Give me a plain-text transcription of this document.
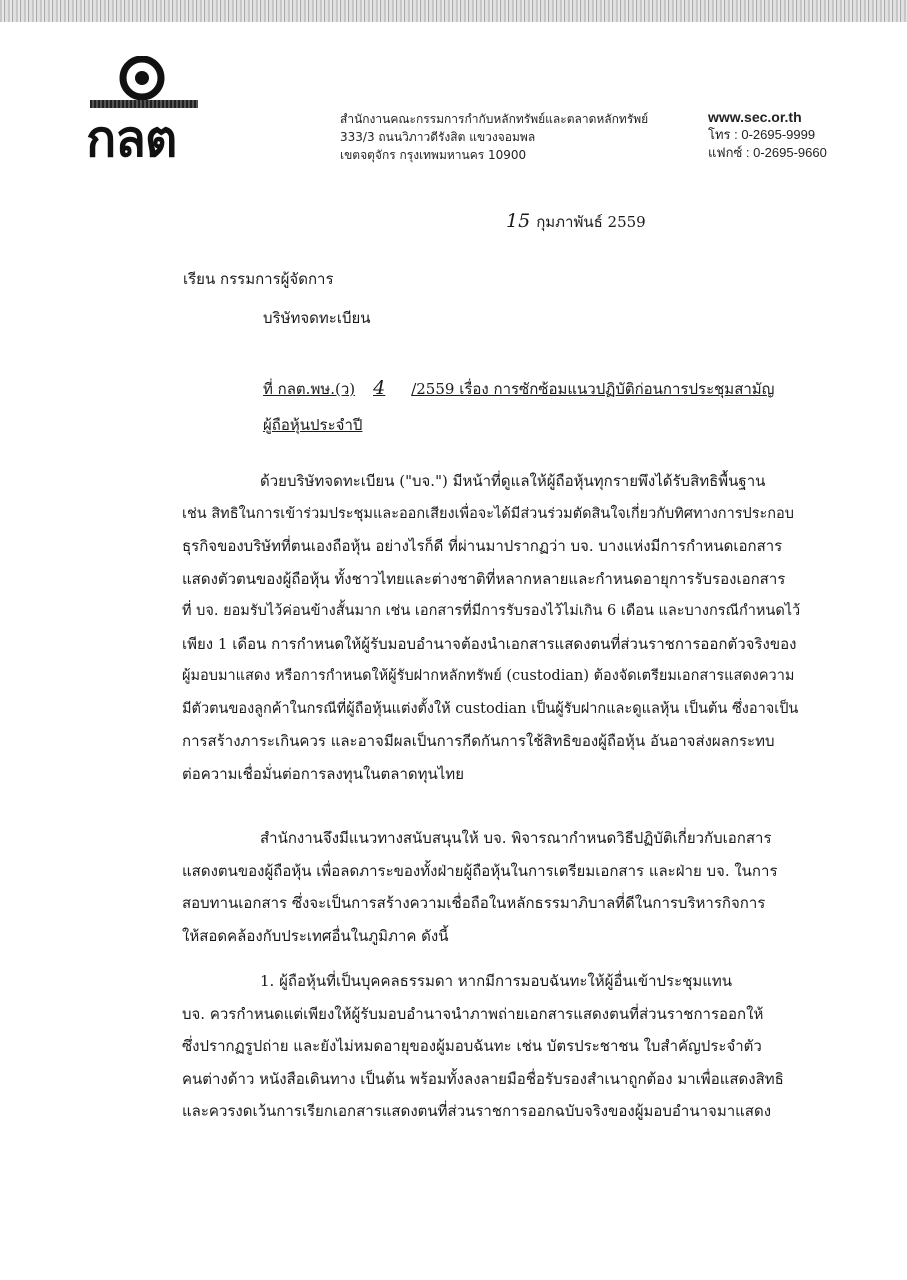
กลต	สำนักงานคณะกรรมการกำกับหลักทรัพย์และตลาดหลักทรัพย์
333/3 ถนนวิภาวดีรังสิต แขวงจอมพล
เขตจตุจักร กรุงเทพมหานคร 10900
www.sec.or.th
โทร : 0-2695-9999
แฟกซ์ : 0-2695-9660
15 กุมภาพันธ์ 2559
เรียน กรรมการผู้จัดการ
บริษัทจดทะเบียน
ที่ กลต.พษ.(ว) 4 /2559 เรื่อง การซักซ้อมแนวปฏิบัติก่อนการประชุมสามัญ
ผู้ถือหุ้นประจำปี
ด้วยบริษัทจดทะเบียน ("บจ.") มีหน้าที่ดูแลให้ผู้ถือหุ้นทุกรายพึงได้รับสิทธิพื้นฐาน
เช่น สิทธิในการเข้าร่วมประชุมและออกเสียงเพื่อจะได้มีส่วนร่วมตัดสินใจเกี่ยวกับทิศทางการประกอบ
ธุรกิจของบริษัทที่ตนเองถือหุ้น อย่างไรก็ดี ที่ผ่านมาปรากฏว่า บจ. บางแห่งมีการกำหนดเอกสาร
แสดงตัวตนของผู้ถือหุ้น ทั้งชาวไทยและต่างชาติที่หลากหลายและกำหนดอายุการรับรองเอกสาร
ที่ บจ. ยอมรับไว้ค่อนข้างสั้นมาก เช่น เอกสารที่มีการรับรองไว้ไม่เกิน 6 เดือน และบางกรณีกำหนดไว้
เพียง 1 เดือน การกำหนดให้ผู้รับมอบอำนาจต้องนำเอกสารแสดงตนที่ส่วนราชการออกตัวจริงของ
ผู้มอบมาแสดง หรือการกำหนดให้ผู้รับฝากหลักทรัพย์ (custodian) ต้องจัดเตรียมเอกสารแสดงความ
มีตัวตนของลูกค้าในกรณีที่ผู้ถือหุ้นแต่งตั้งให้ custodian เป็นผู้รับฝากและดูแลหุ้น เป็นต้น ซึ่งอาจเป็น
การสร้างภาระเกินควร และอาจมีผลเป็นการกีดกันการใช้สิทธิของผู้ถือหุ้น อันอาจส่งผลกระทบ
ต่อความเชื่อมั่นต่อการลงทุนในตลาดทุนไทย
สำนักงานจึงมีแนวทางสนับสนุนให้ บจ. พิจารณากำหนดวิธีปฏิบัติเกี่ยวกับเอกสาร
แสดงตนของผู้ถือหุ้น เพื่อลดภาระของทั้งฝ่ายผู้ถือหุ้นในการเตรียมเอกสาร และฝ่าย บจ. ในการ
สอบทานเอกสาร ซึ่งจะเป็นการสร้างความเชื่อถือในหลักธรรมาภิบาลที่ดีในการบริหารกิจการ
ให้สอดคล้องกับประเทศอื่นในภูมิภาค ดังนี้
1. ผู้ถือหุ้นที่เป็นบุคคลธรรมดา หากมีการมอบฉันทะให้ผู้อื่นเข้าประชุมแทน
บจ. ควรกำหนดแต่เพียงให้ผู้รับมอบอำนาจนำภาพถ่ายเอกสารแสดงตนที่ส่วนราชการออกให้
ซึ่งปรากฏรูปถ่าย และยังไม่หมดอายุของผู้มอบฉันทะ เช่น บัตรประชาชน ใบสำคัญประจำตัว
คนต่างด้าว หนังสือเดินทาง เป็นต้น พร้อมทั้งลงลายมือชื่อรับรองสำเนาถูกต้อง มาเพื่อแสดงสิทธิ
และควรงดเว้นการเรียกเอกสารแสดงตนที่ส่วนราชการออกฉบับจริงของผู้มอบอำนาจมาแสดง
